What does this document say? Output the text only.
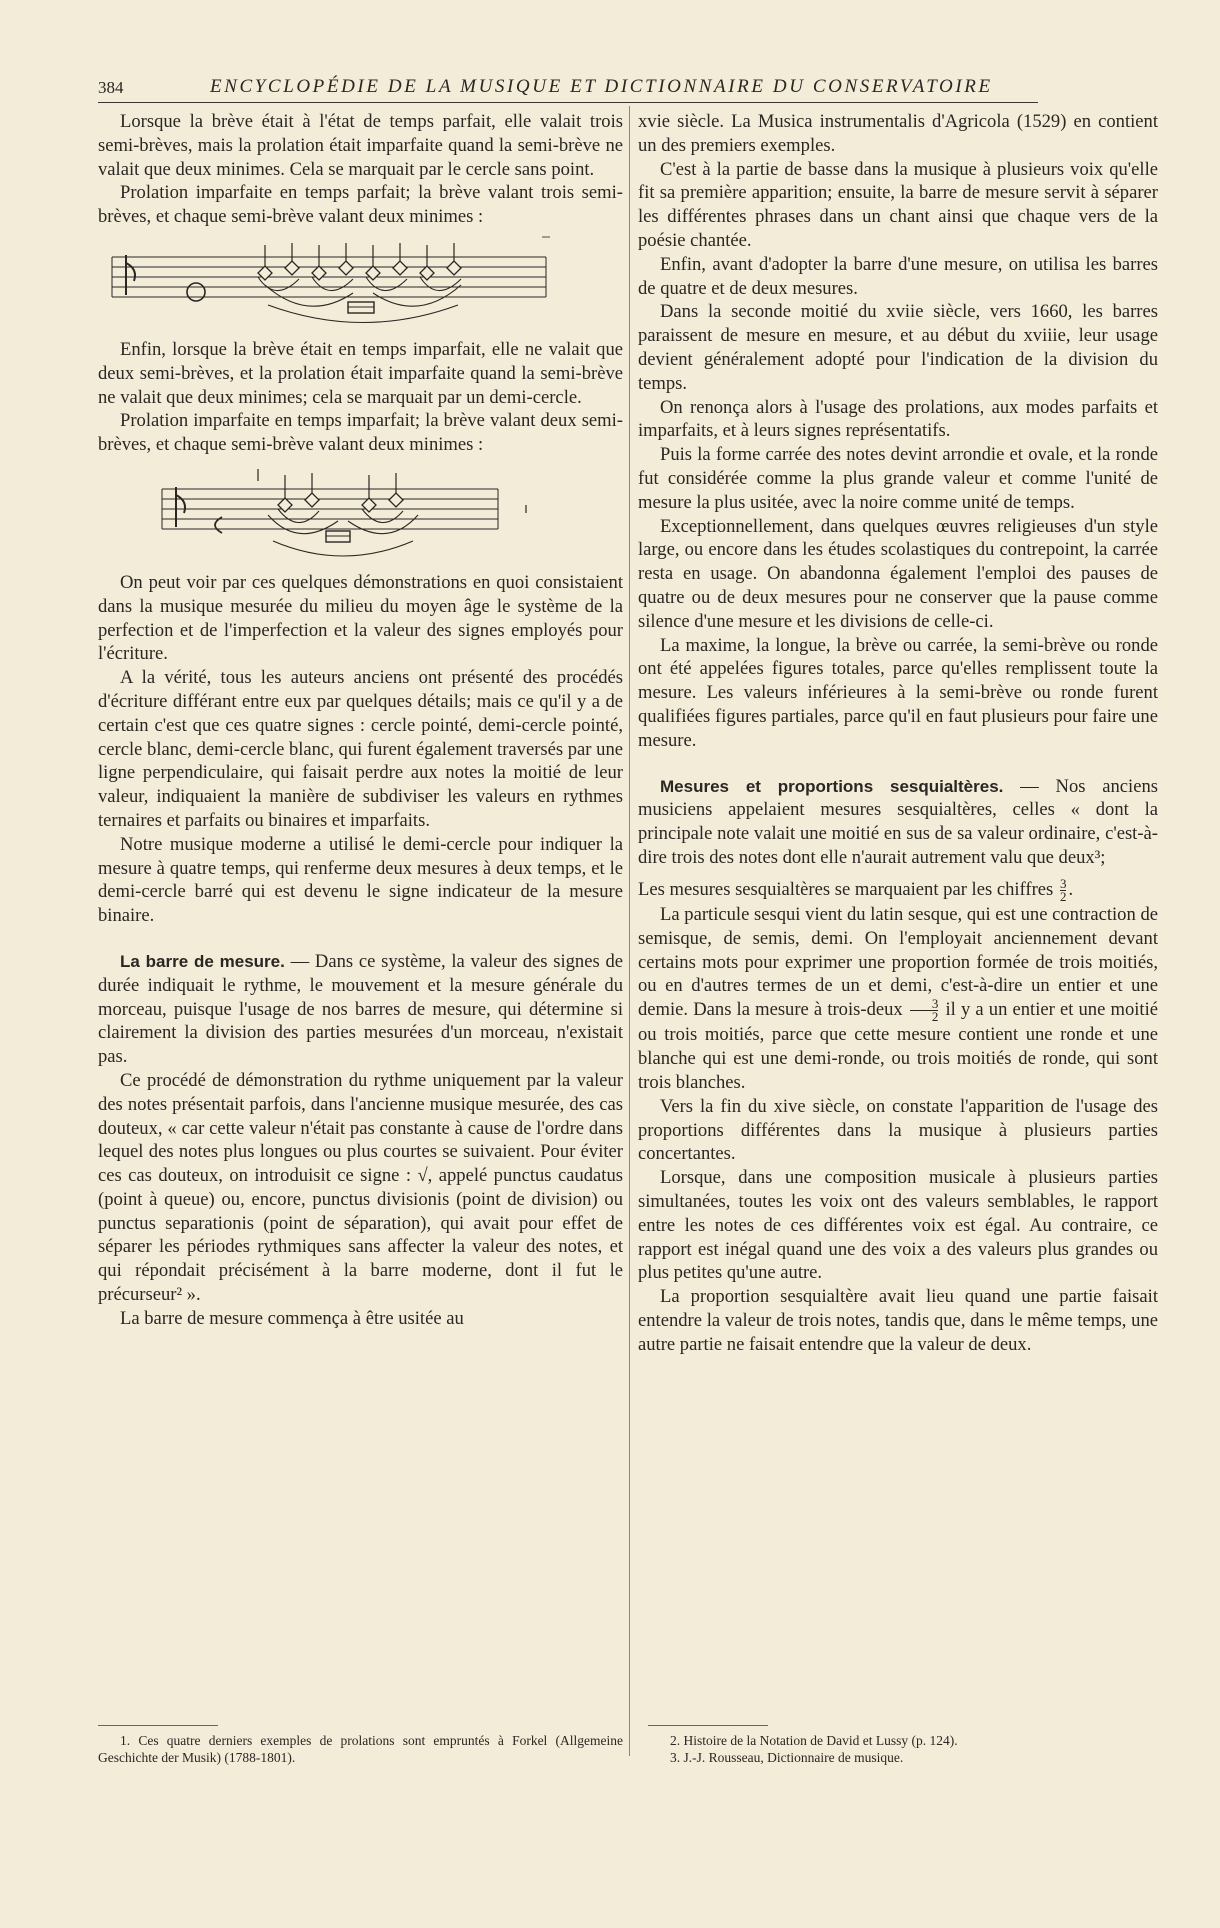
384	ENCYCLOPÉDIE DE LA MUSIQUE ET DICTIONNAIRE DU CONSERVATOIRE

Lorsque la brève était à l'état de temps parfait, elle valait trois semi-brèves, mais la prolation était imparfaite quand la semi-brève ne valait que deux minimes. Cela se marquait par le cercle sans point.

Prolation imparfaite en temps parfait; la brève valant trois semi-brèves, et chaque semi-brève valant deux minimes :

Enfin, lorsque la brève était en temps imparfait, elle ne valait que deux semi-brèves, et la prolation était imparfaite quand la semi-brève ne valait que deux minimes; cela se marquait par un demi-cercle.

Prolation imparfaite en temps imparfait; la brève valant deux semi-brèves, et chaque semi-brève valant deux minimes :

On peut voir par ces quelques démonstrations en quoi consistaient dans la musique mesurée du milieu du moyen âge le système de la perfection et de l'imperfection et la valeur des signes employés pour l'écriture.

A la vérité, tous les auteurs anciens ont présenté des procédés d'écriture différant entre eux par quelques détails; mais ce qu'il y a de certain c'est que ces quatre signes : cercle pointé, demi-cercle pointé, cercle blanc, demi-cercle blanc, qui furent également traversés par une ligne perpendiculaire, qui faisait perdre aux notes la moitié de leur valeur, indiquaient la manière de subdiviser les valeurs en rythmes ternaires et parfaits ou binaires et imparfaits.

Notre musique moderne a utilisé le demi-cercle pour indiquer la mesure à quatre temps, qui renferme deux mesures à deux temps, et le demi-cercle barré qui est devenu le signe indicateur de la mesure binaire.

La barre de mesure. — Dans ce système, la valeur des signes de durée indiquait le rythme, le mouvement et la mesure générale du morceau, puisque l'usage de nos barres de mesure, qui détermine si clairement la division des parties mesurées d'un morceau, n'existait pas.

Ce procédé de démonstration du rythme uniquement par la valeur des notes présentait parfois, dans l'ancienne musique mesurée, des cas douteux, « car cette valeur n'était pas constante à cause de l'ordre dans lequel des notes plus longues ou plus courtes se suivaient. Pour éviter ces cas douteux, on introduisit ce signe : √, appelé punctus caudatus (point à queue) ou, encore, punctus divisionis (point de division) ou punctus separationis (point de séparation), qui avait pour effet de séparer les périodes rythmiques sans affecter la valeur des notes, et qui répondait précisément à la barre moderne, dont il fut le précurseur² ».

La barre de mesure commença à être usitée au

xvie siècle. La Musica instrumentalis d'Agricola (1529) en contient un des premiers exemples.

C'est à la partie de basse dans la musique à plusieurs voix qu'elle fit sa première apparition; ensuite, la barre de mesure servit à séparer les différentes phrases dans un chant ainsi que chaque vers de la poésie chantée.

Enfin, avant d'adopter la barre d'une mesure, on utilisa les barres de quatre et de deux mesures.

Dans la seconde moitié du xviie siècle, vers 1660, les barres paraissent de mesure en mesure, et au début du xviiie, leur usage devient généralement adopté pour l'indication de la division du temps.

On renonça alors à l'usage des prolations, aux modes parfaits et imparfaits, et à leurs signes représentatifs.

Puis la forme carrée des notes devint arrondie et ovale, et la ronde fut considérée comme la plus grande valeur et comme l'unité de mesure la plus usitée, avec la noire comme unité de temps.

Exceptionnellement, dans quelques œuvres religieuses d'un style large, ou encore dans les études scolastiques du contrepoint, la carrée resta en usage. On abandonna également l'emploi des pauses de quatre ou de deux mesures pour ne conserver que la pause comme silence d'une mesure et les divisions de celle-ci.

La maxime, la longue, la brève ou carrée, la semi-brève ou ronde ont été appelées figures totales, parce qu'elles remplissent toute la mesure. Les valeurs inférieures à la semi-brève ou ronde furent qualifiées figures partiales, parce qu'il en faut plusieurs pour faire une mesure.

Mesures et proportions sesquialtères. — Nos anciens musiciens appelaient mesures sesquialtères, celles « dont la principale note valait une moitié en sus de sa valeur ordinaire, c'est-à-dire trois des notes dont elle n'aurait autrement valu que deux³;

Les mesures sesquialtères se marquaient par les chiffres $\frac{3}{2}$ .

La particule sesqui vient du latin sesque, qui est une contraction de semisque, de semis, demi. On l'employait anciennement devant certains mots pour exprimer une proportion formée de trois moitiés, ou en d'autres termes de un et demi, c'est-à-dire un entier et une demie. Dans la mesure à trois-deux $\frac{3}{2}$ il y a un entier et une moitié ou trois moitiés, parce que cette mesure contient une ronde et une blanche qui est une demi-ronde, ou trois moitiés de ronde, qui sont trois blanches.

Vers la fin du xive siècle, on constate l'apparition de l'usage des proportions différentes dans la musique à plusieurs parties concertantes.

Lorsque, dans une composition musicale à plusieurs parties simultanées, toutes les voix ont des valeurs semblables, le rapport entre les notes de ces différentes voix est égal. Au contraire, ce rapport est inégal quand une des voix a des valeurs plus grandes ou plus petites qu'une autre.

La proportion sesquialtère avait lieu quand une partie faisait entendre la valeur de trois notes, tandis que, dans le même temps, une autre partie ne faisait entendre que la valeur de deux.

1. Ces quatre derniers exemples de prolations sont empruntés à Forkel (Allgemeine Geschichte der Musik) (1788-1801).

2. Histoire de la Notation de David et Lussy (p. 124).

3. J.-J. Rousseau, Dictionnaire de musique.
